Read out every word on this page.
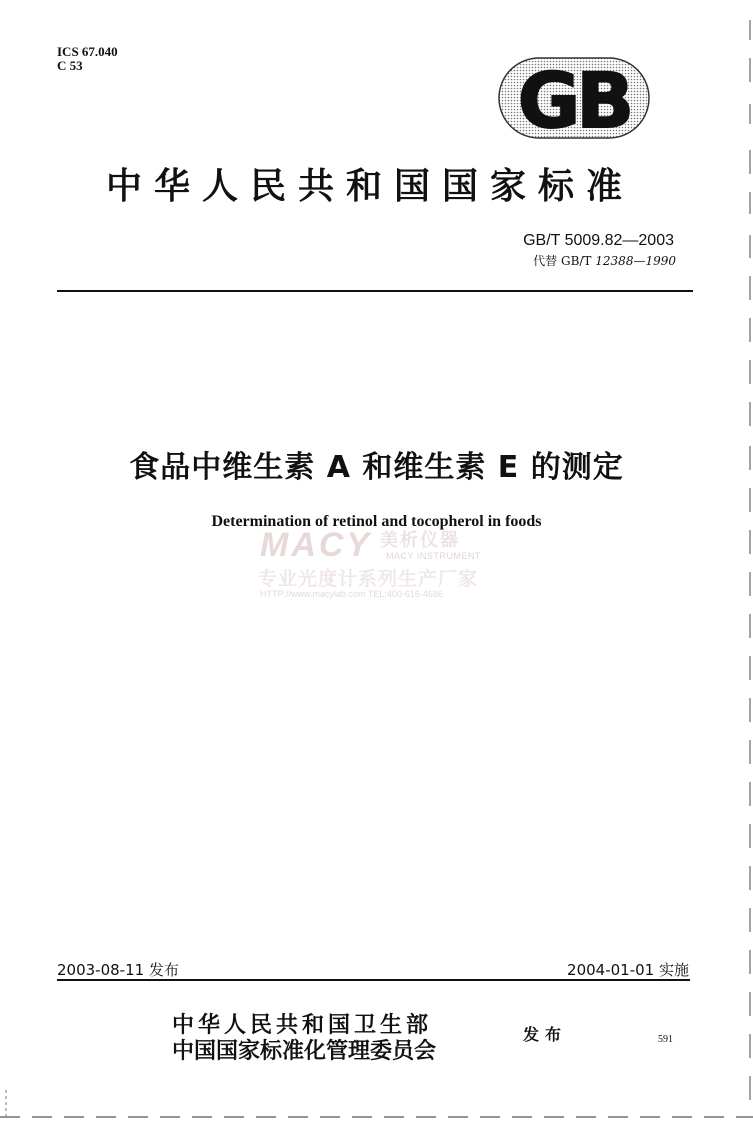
ICS 67.040
C 53	GB
中华人民共和国国家标准
GB/T 5009.82—2003
代替 GB/T 12388—1990
食品中维生素 A 和维生素 E 的测定
Determination of retinol and tocopherol in foods
MACY 美析仪器
MACY INSTRUMENT
专业光度计系列生产厂家
HTTP://www.macylab.com TEL:400-616-4686
2003-08-11 发布	2004-01-01 实施
中华人民共和国卫生部
中国国家标准化管理委员会
发布	591
